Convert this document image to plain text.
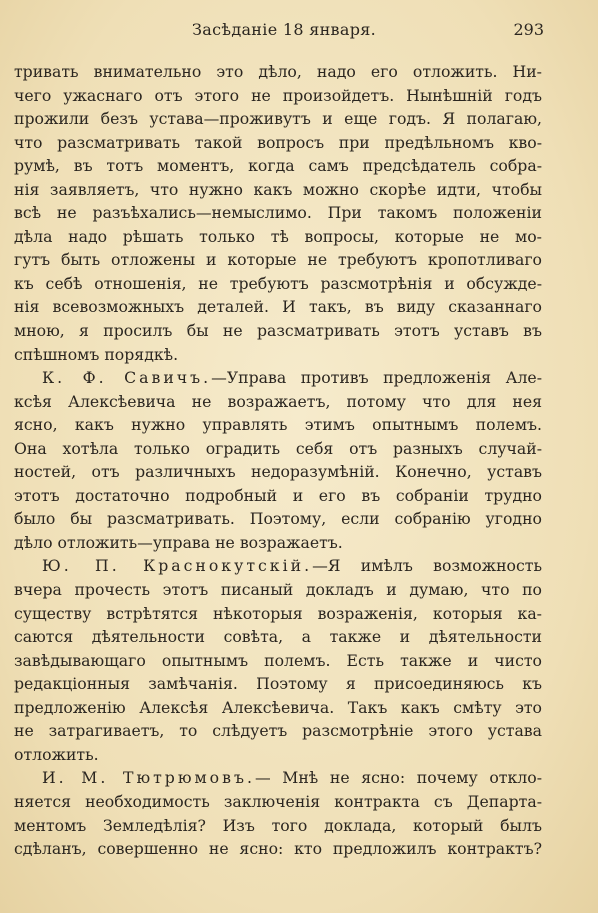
Засѣданіе 18 января.	293
тривать внимательно это дѣло, надо его отложить. Ни-
чего ужаснаго отъ этого не произойдетъ. Нынѣшній годъ
прожили безъ устава—проживутъ и еще годъ. Я полагаю,
что разсматривать такой вопросъ при предѣльномъ кво-
румѣ, въ тотъ моментъ, когда самъ предсѣдатель собра-
нія заявляетъ, что нужно какъ можно скорѣе идти, чтобы
всѣ не разъѣхались—немыслимо. При такомъ положеніи
дѣла надо рѣшать только тѣ вопросы, которые не мо-
гутъ быть отложены и которые не требуютъ кропотливаго
къ себѣ отношенія, не требуютъ разсмотрѣнія и обсужде-
нія всевозможныхъ деталей. И такъ, въ виду сказаннаго
мною, я просилъ бы не разсматривать этотъ уставъ въ
спѣшномъ порядкѣ.
К. Ф. Савичъ.—Управа противъ предложенія Але-
ксѣя Алексѣевича не возражаетъ, потому что для нея
ясно, какъ нужно управлять этимъ опытнымъ полемъ.
Она хотѣла только оградить себя отъ разныхъ случай-
ностей, отъ различныхъ недоразумѣній. Конечно, уставъ
этотъ достаточно подробный и его въ собраніи трудно
было бы разсматривать. Поэтому, если собранію угодно
дѣло отложить—управа не возражаетъ.
Ю. П. Краснокутскій.—Я имѣлъ возможность
вчера прочесть этотъ писаный докладъ и думаю, что по
существу встрѣтятся нѣкоторыя возраженія, которыя ка-
саются дѣятельности совѣта, а также и дѣятельности
завѣдывающаго опытнымъ полемъ. Есть также и чисто
редакціонныя замѣчанія. Поэтому я присоединяюсь къ
предложенію Алексѣя Алексѣевича. Такъ какъ смѣту это
не затрагиваетъ, то слѣдуетъ разсмотрѣніе этого устава
отложить.
И. М. Тютрюмовъ.— Мнѣ не ясно: почему откло-
няется необходимость заключенія контракта съ Департа-
ментомъ Земледѣлія? Изъ того доклада, который былъ
сдѣланъ, совершенно не ясно: кто предложилъ контрактъ?
